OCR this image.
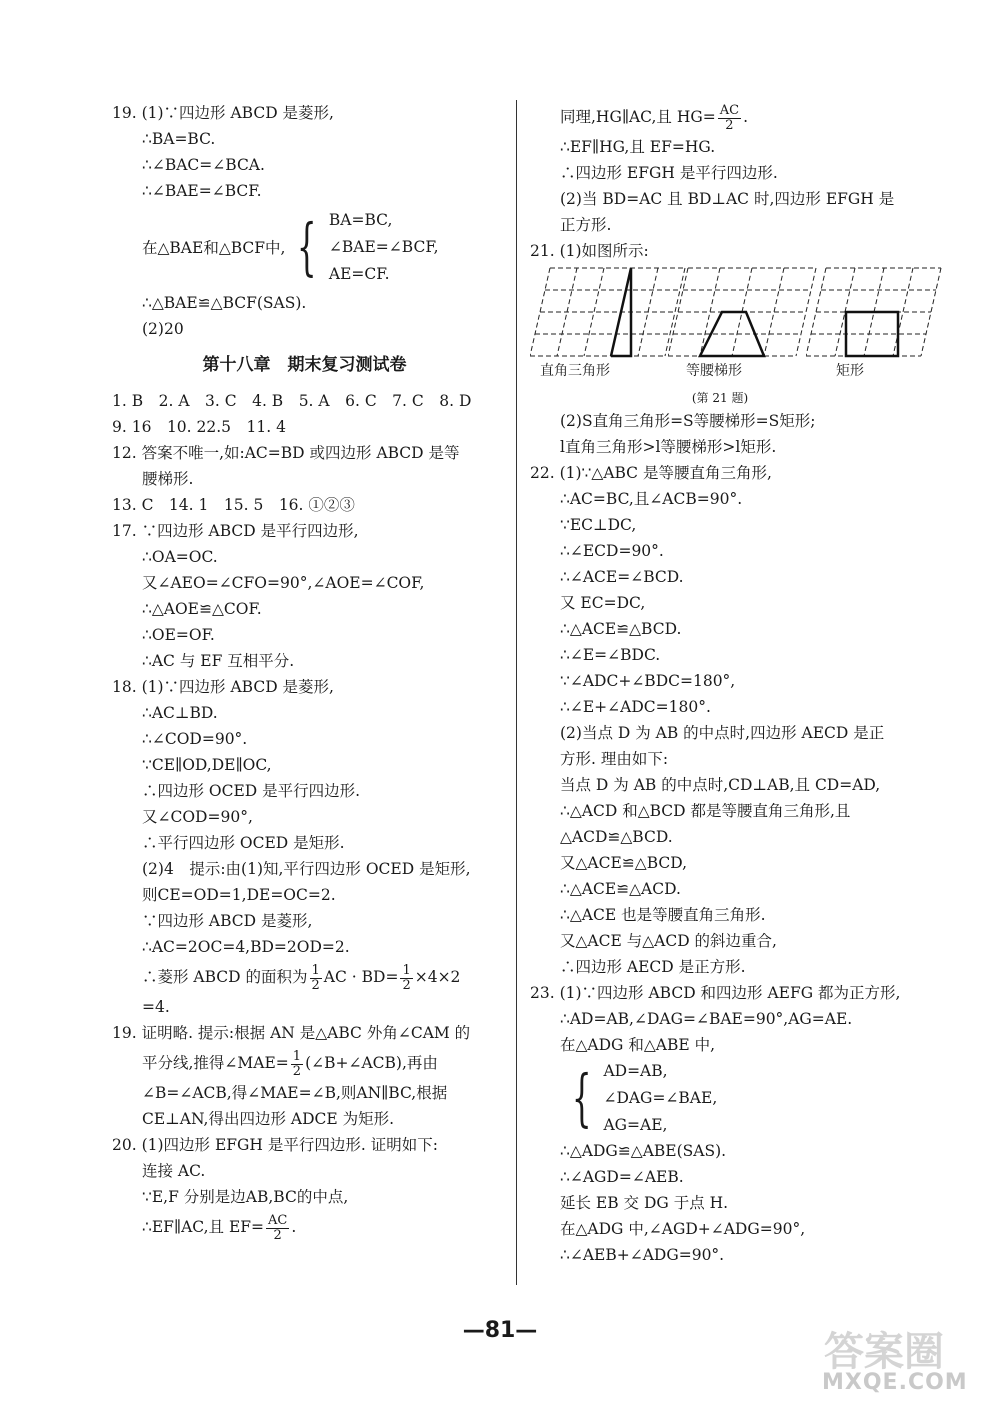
19. (1)∵四边形 ABCD 是菱形,
∴BA=BC.
∴∠BAC=∠BCA.
∴∠BAE=∠BCF.
在△BAE和△BCF中, { BA=BC,
∠BAE=∠BCF,
AE=CF.
∴△BAE≌△BCF(SAS).
(2)20
第十八章　期末复习测试卷
1. B　2. A　3. C　4. B　5. A　6. C　7. C　8. D
9. 16　10. 22.5　11. 4
12. 答案不唯一,如:AC=BD 或四边形 ABCD 是等
腰梯形.
13. C　14. 1　15. 5　16. ①②③
17. ∵四边形 ABCD 是平行四边形,
∴OA=OC.
又∠AEO=∠CFO=90°,∠AOE=∠COF,
∴△AOE≌△COF.
∴OE=OF.
∴AC 与 EF 互相平分.
18. (1)∵四边形 ABCD 是菱形,
∴AC⊥BD.
∴∠COD=90°.
∵CE∥OD,DE∥OC,
∴四边形 OCED 是平行四边形.
又∠COD=90°,
∴平行四边形 OCED 是矩形.
(2)4　提示:由(1)知,平行四边形 OCED 是矩形,
则CE=OD=1,DE=OC=2.
∵四边形 ABCD 是菱形,
∴AC=2OC=4,BD=2OD=2.
∴菱形 ABCD 的面积为 $\frac{1}{2}$ AC · $BD= \frac{1}{2} \times 4\times 2$
=4.
19. 证明略. 提示:根据 AN 是△ABC 外角∠CAM 的
平分线,推得∠MAE= $\frac{1}{2}$ (∠B+∠ACB),再由
∠B=∠ACB,得∠MAE=∠B,则AN∥BC,根据
CE⊥AN,得出四边形 ADCE 为矩形.
20. (1)四边形 EFGH 是平行四边形. 证明如下:
连接 AC.
∵E,F 分别是边AB,BC的中点,
∴EF∥AC,且 $EF= \frac{AC}{2}$ .
同理,HG∥AC,且 $HG= \frac{AC}{2}$ .
∴EF∥HG,且 EF=HG.
∴四边形 EFGH 是平行四边形.
(2)当 BD=AC 且 BD⊥AC 时,四边形 EFGH 是
正方形.
21. (1)如图所示:
直角三角形	等腰梯形	矩形
(第 21 题)
(2)S直角三角形=S等腰梯形=S矩形;
l直角三角形>l等腰梯形>l矩形.
22. (1)∵△ABC 是等腰直角三角形,
∴AC=BC,且∠ACB=90°.
∵EC⊥DC,
∴∠ECD=90°.
∴∠ACE=∠BCD.
又 EC=DC,
∴△ACE≌△BCD.
∴∠E=∠BDC.
∵∠ADC+∠BDC=180°,
∴∠E+∠ADC=180°.
(2)当点 D 为 AB 的中点时,四边形 AECD 是正
方形. 理由如下:
当点 D 为 AB 的中点时,CD⊥AB,且 CD=AD,
∴△ACD 和△BCD 都是等腰直角三角形,且
△ACD≌△BCD.
又△ACE≌△BCD,
∴△ACE≌△ACD.
∴△ACE 也是等腰直角三角形.
又△ACE 与△ACD 的斜边重合,
∴四边形 AECD 是正方形.
23. (1)∵四边形 ABCD 和四边形 AEFG 都为正方形,
∴AD=AB,∠DAG=∠BAE=90°,AG=AE.
在△ADG 和△ABE 中,
{ AD=AB,
∠DAG=∠BAE,
AG=AE,
∴△ADG≌△ABE(SAS).
∴∠AGD=∠AEB.
延长 EB 交 DG 于点 H.
在△ADG 中,∠AGD+∠ADG=90°,
∴∠AEB+∠ADG=90°.
—81—	答案圈
MXQE.COM
